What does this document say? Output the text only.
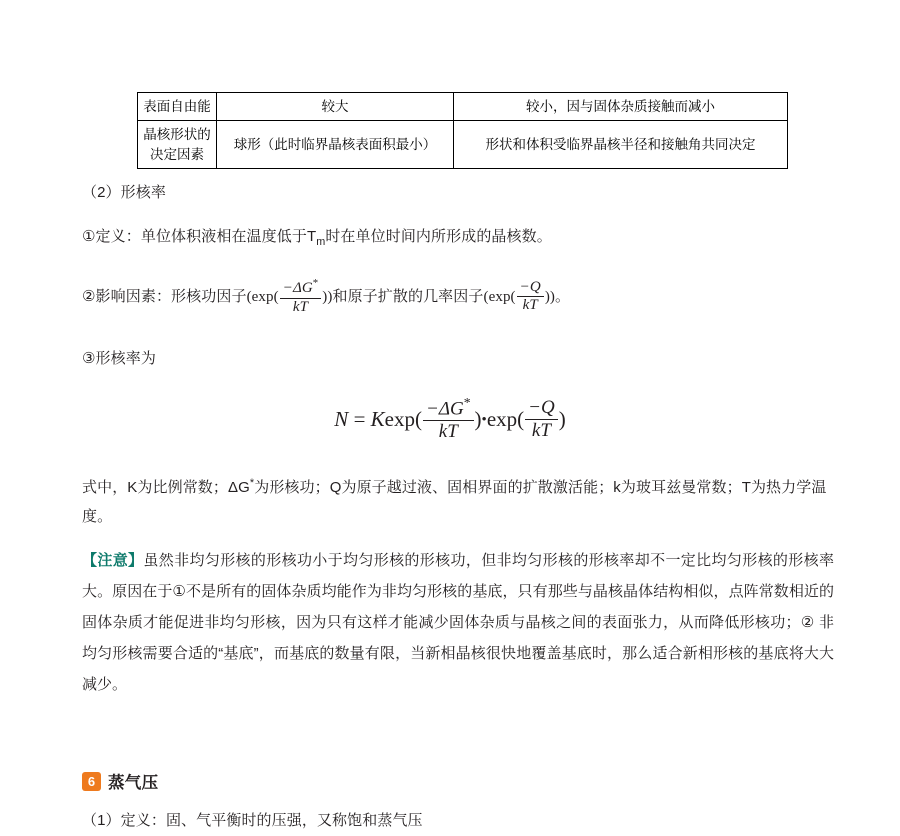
表面自由能	较大	较小，因与固体杂质接触而减小
晶核形状的
决定因素	球形（此时临界晶核表面积最小）	形状和体积受临界晶核半径和接触角共同决定
（2）形核率
①定义：单位体积液相在温度低于$T_m$时在单位时间内所形成的晶核数。
②影响因素：形核功因子($\exp( \frac{-\Delta G^*}{kT}$ ))和原子扩散的几率因子($\exp( \frac{-Q}{kT}$ ))。
③形核率为
$N = Kexp( \frac{-\Delta G^*}{kT}$ )•exp( $\frac{-Q}{kT}$ )
式中，K为比例常数；ΔG*为形核功；Q为原子越过液、固相界面的扩散激活能；k为玻耳兹曼常数；T为热力学温度。
【注意】虽然非均匀形核的形核功小于均匀形核的形核功，但非均匀形核的形核率却不一定比均匀形核的形核率大。原因在于①不是所有的固体杂质均能作为非均匀形核的基底，只有那些与晶核晶体结构相似，点阵常数相近的固体杂质才能促进非均匀形核，因为只有这样才能减少固体杂质与晶核之间的表面张力，从而降低形核功；② 非均匀形核需要合适的“基底”，而基底的数量有限，当新相晶核很快地覆盖基底时，那么适合新相形核的基底将大大减少。
6 蒸气压
（1）定义：固、气平衡时的压强，又称饱和蒸气压
